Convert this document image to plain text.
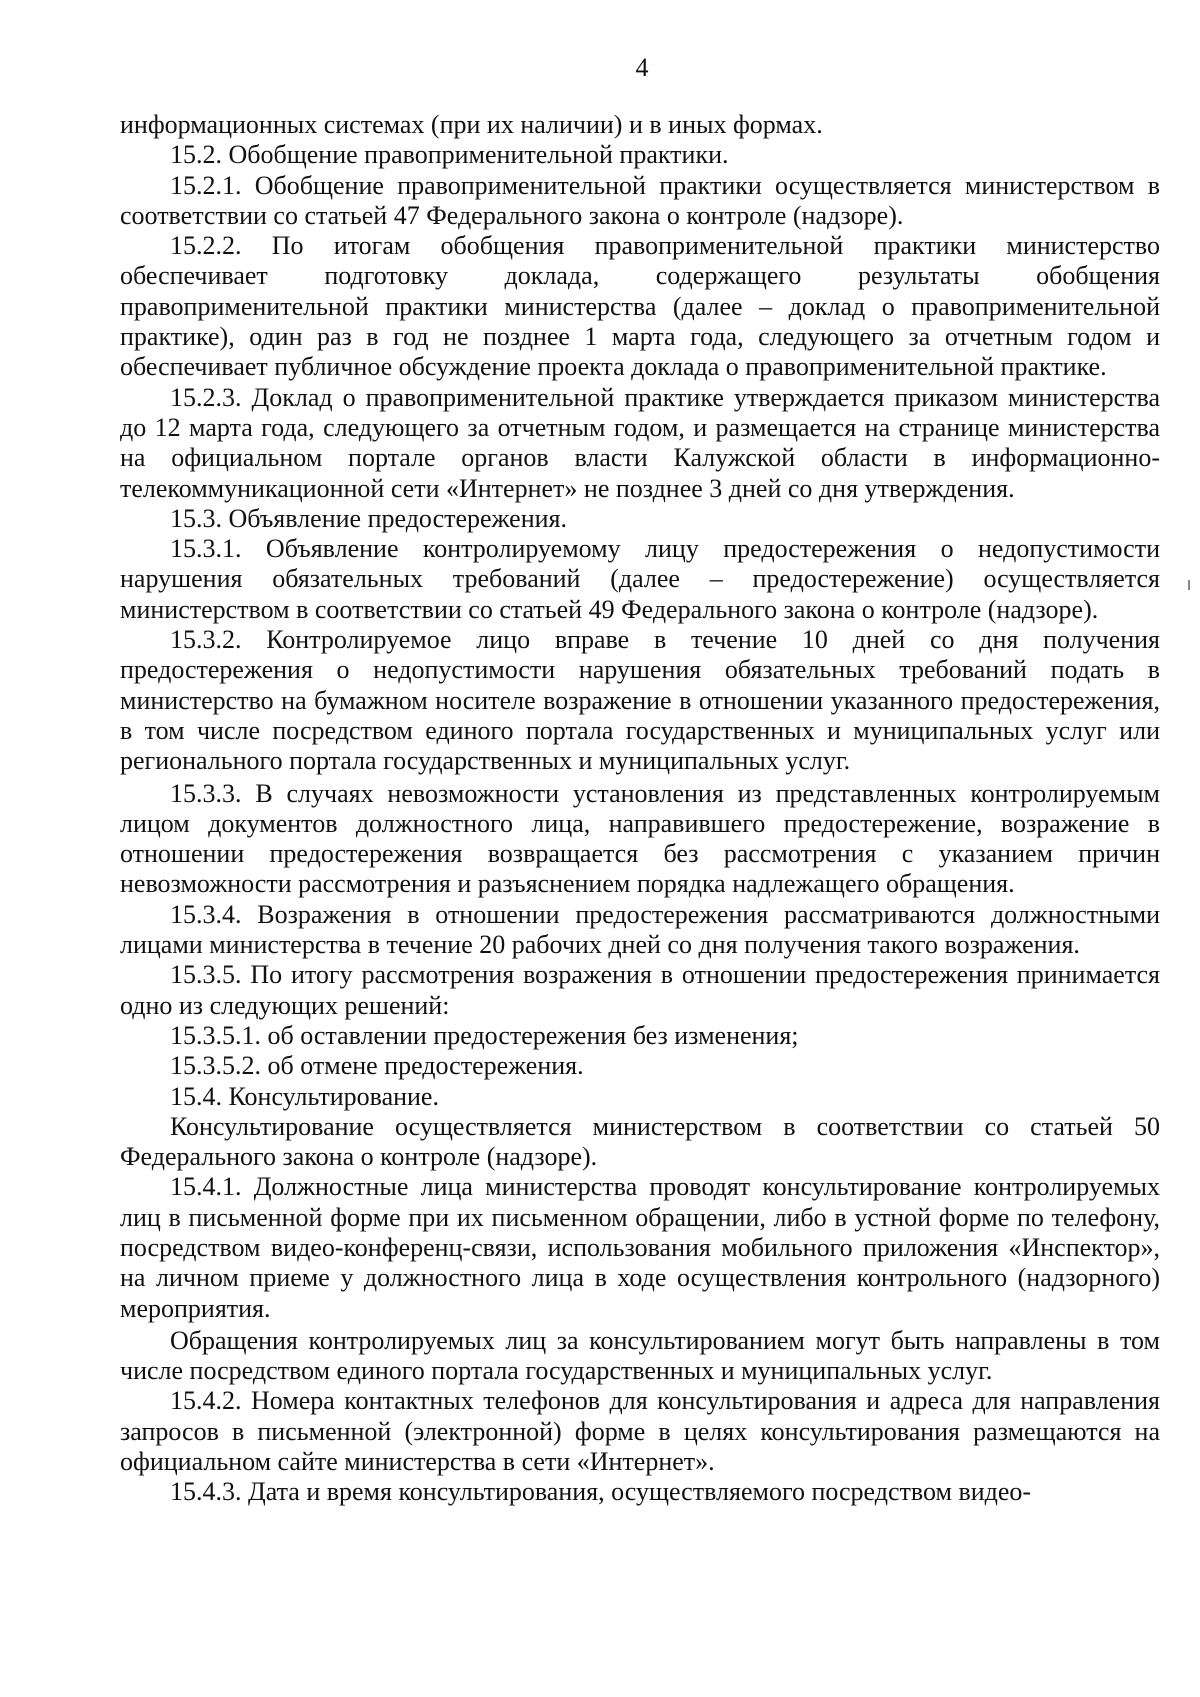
4

информационных системах (при их наличии) и в иных формах.

15.2. Обобщение правоприменительной практики.

15.2.1. Обобщение правоприменительной практики осуществляется министерством в соответствии со статьей 47 Федерального закона о контроле (надзоре).

15.2.2. По итогам обобщения правоприменительной практики министерство обеспечивает подготовку доклада, содержащего результаты обобщения правоприменительной практики министерства (далее – доклад о правоприменительной практике), один раз в год не позднее 1 марта года, следующего за отчетным годом и обеспечивает публичное обсуждение проекта доклада о правоприменительной практике.

15.2.3. Доклад о правоприменительной практике утверждается приказом министерства до 12 марта года, следующего за отчетным годом, и размещается на странице министерства на официальном портале органов власти Калужской области в информационно-телекоммуникационной сети «Интернет» не позднее 3 дней со дня утверждения.

15.3. Объявление предостережения.

15.3.1. Объявление контролируемому лицу предостережения о недопустимости нарушения обязательных требований (далее – предостережение) осуществляется министерством в соответствии со статьей 49 Федерального закона о контроле (надзоре).

15.3.2. Контролируемое лицо вправе в течение 10 дней со дня получения предостережения о недопустимости нарушения обязательных требований подать в министерство на бумажном носителе возражение в отношении указанного предостережения, в том числе посредством единого портала государственных и муниципальных услуг или регионального портала государственных и муниципальных услуг.

15.3.3. В случаях невозможности установления из представленных контролируемым лицом документов должностного лица, направившего предостережение, возражение в отношении предостережения возвращается без рассмотрения с указанием причин невозможности рассмотрения и разъяснением порядка надлежащего обращения.

15.3.4. Возражения в отношении предостережения рассматриваются должностными лицами министерства в течение 20 рабочих дней со дня получения такого возражения.

15.3.5. По итогу рассмотрения возражения в отношении предостережения принимается одно из следующих решений:

15.3.5.1. об оставлении предостережения без изменения;

15.3.5.2. об отмене предостережения.

15.4. Консультирование.

Консультирование осуществляется министерством в соответствии со статьей 50 Федерального закона о контроле (надзоре).

15.4.1. Должностные лица министерства проводят консультирование контролируемых лиц в письменной форме при их письменном обращении, либо в устной форме по телефону, посредством видео-конференц-связи, использования мобильного приложения «Инспектор», на личном приеме у должностного лица в ходе осуществления контрольного (надзорного) мероприятия.

Обращения контролируемых лиц за консультированием могут быть направлены в том числе посредством единого портала государственных и муниципальных услуг.

15.4.2. Номера контактных телефонов для консультирования и адреса для направления запросов в письменной (электронной) форме в целях консультирования размещаются на официальном сайте министерства в сети «Интернет».

15.4.3. Дата и время консультирования, осуществляемого посредством видео-
